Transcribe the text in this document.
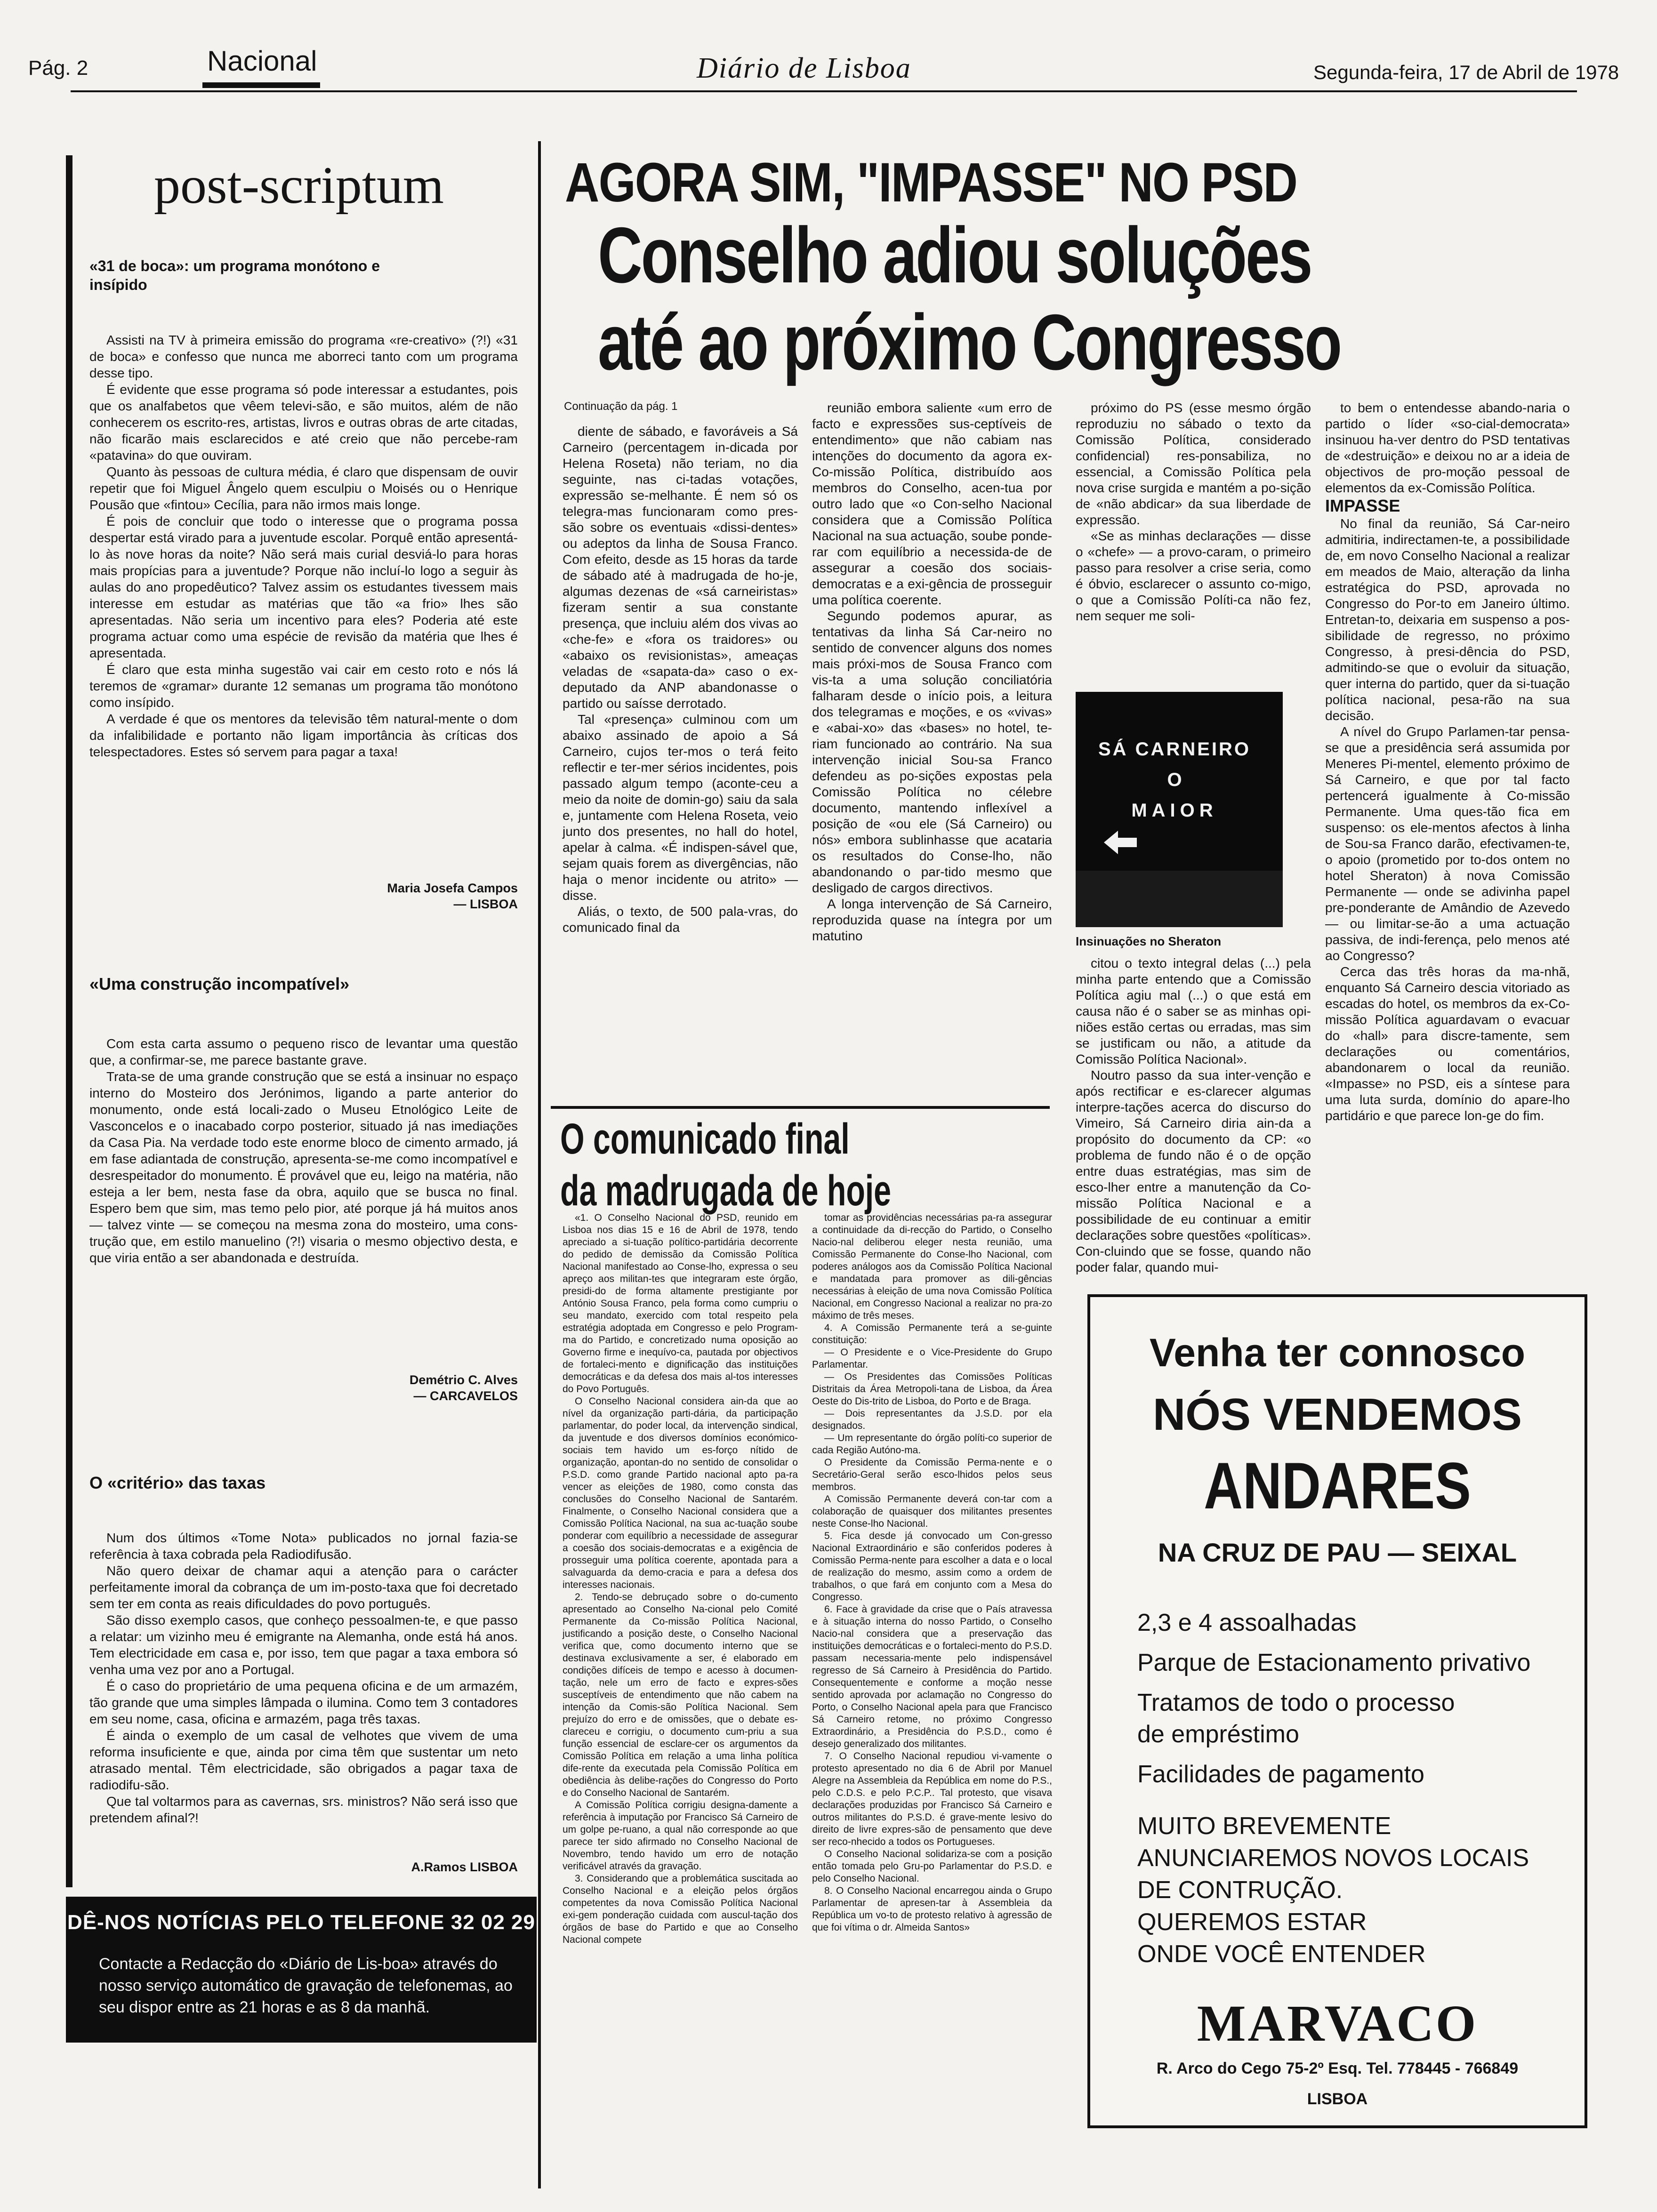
Pág. 2	Nacional	Diário de Lisboa	Segunda-feira, 17 de Abril de 1978
post-scriptum
«31 de boca»: um programa monótono e insípido

Assisti na TV à primeira emissão do programa «re-creativo» (?!) «31 de boca» e confesso que nunca me aborreci tanto com um programa desse tipo.

É evidente que esse programa só pode interessar a estudantes, pois que os analfabetos que vêem televi-são, e são muitos, além de não conhecerem os escrito-res, artistas, livros e outras obras de arte citadas, não ficarão mais esclarecidos e até creio que não percebe-ram «patavina» do que ouviram.

Quanto às pessoas de cultura média, é claro que dispensam de ouvir repetir que foi Miguel Ângelo quem esculpiu o Moisés ou o Henrique Pousão que «fintou» Cecília, para não irmos mais longe.

É pois de concluir que todo o interesse que o programa possa despertar está virado para a juventude escolar. Porquê então apresentá-lo às nove horas da noite? Não será mais curial desviá-lo para horas mais propícias para a juventude? Porque não incluí-lo logo a seguir às aulas do ano propedêutico? Talvez assim os estudantes tivessem mais interesse em estudar as matérias que tão «a frio» lhes são apresentadas. Não seria um incentivo para eles? Poderia até este programa actuar como uma espécie de revisão da matéria que lhes é apresentada.

É claro que esta minha sugestão vai cair em cesto roto e nós lá teremos de «gramar» durante 12 semanas um programa tão monótono como insípido.

A verdade é que os mentores da televisão têm natural-mente o dom da infalibilidade e portanto não ligam importância às críticas dos telespectadores. Estes só servem para pagar a taxa!

Maria Josefa Campos
— LISBOA
«Uma construção incompatível»

Com esta carta assumo o pequeno risco de levantar uma questão que, a confirmar-se, me parece bastante grave.

Trata-se de uma grande construção que se está a insinuar no espaço interno do Mosteiro dos Jerónimos, ligando a parte anterior do monumento, onde está locali-zado o Museu Etnológico Leite de Vasconcelos e o inacabado corpo posterior, situado já nas imediações da Casa Pia. Na verdade todo este enorme bloco de cimento armado, já em fase adiantada de construção, apresenta-se-me como incompatível e desrespeitador do monumento. É provável que eu, leigo na matéria, não esteja a ler bem, nesta fase da obra, aquilo que se busca no final. Espero bem que sim, mas temo pelo pior, até porque já há muitos anos — talvez vinte — se começou na mesma zona do mosteiro, uma cons-trução que, em estilo manuelino (?!) visaria o mesmo objectivo desta, e que viria então a ser abandonada e destruída.

Demétrio C. Alves
— CARCAVELOS
O «critério» das taxas

Num dos últimos «Tome Nota» publicados no jornal fazia-se referência à taxa cobrada pela Radiodifusão.

Não quero deixar de chamar aqui a atenção para o carácter perfeitamente imoral da cobrança de um im-posto-taxa que foi decretado sem ter em conta as reais dificuldades do povo português.

São disso exemplo casos, que conheço pessoalmen-te, e que passo a relatar: um vizinho meu é emigrante na Alemanha, onde está há anos. Tem electricidade em casa e, por isso, tem que pagar a taxa embora só venha uma vez por ano a Portugal.

É o caso do proprietário de uma pequena oficina e de um armazém, tão grande que uma simples lâmpada o ilumina. Como tem 3 contadores em seu nome, casa, oficina e armazém, paga três taxas.

É ainda o exemplo de um casal de velhotes que vivem de uma reforma insuficiente e que, ainda por cima têm que sustentar um neto atrasado mental. Têm electricidade, são obrigados a pagar taxa de radiodifu-são.

Que tal voltarmos para as cavernas, srs. ministros? Não será isso que pretendem afinal?!

A.Ramos LISBOA
DÊ-NOS NOTÍCIAS PELO TELEFONE 32 02 29
Contacte a Redacção do «Diário de Lis-boa» através do nosso serviço automático de gravação de telefonemas, ao seu dispor entre as 21 horas e as 8 da manhã.
AGORA SIM, "IMPASSE" NO PSD
Conselho adiou soluções
até ao próximo Congresso
Continuação da pág. 1

diente de sábado, e favoráveis a Sá Carneiro (percentagem in-dicada por Helena Roseta) não teriam, no dia seguinte, nas ci-tadas votações, expressão se-melhante. É nem só os telegra-mas funcionaram como pres-são sobre os eventuais «dissi-dentes» ou adeptos da linha de Sousa Franco. Com efeito, desde as 15 horas da tarde de sábado até à madrugada de ho-je, algumas dezenas de «sá carneiristas» fizeram sentir a sua constante presença, que incluiu além dos vivas ao «che-fe» e «fora os traidores» ou «abaixo os revisionistas», ameaças veladas de «sapata-da» caso o ex-deputado da ANP abandonasse o partido ou saísse derrotado.

Tal «presença» culminou com um abaixo assinado de apoio a Sá Carneiro, cujos ter-mos o terá feito reflectir e ter-mer sérios incidentes, pois passado algum tempo (aconte-ceu a meio da noite de domin-go) saiu da sala e, juntamente com Helena Roseta, veio junto dos presentes, no hall do hotel, apelar à calma. «É indispen-sável que, sejam quais forem as divergências, não haja o menor incidente ou atrito» — disse.

Aliás, o texto, de 500 pala-vras, do comunicado final da

reunião embora saliente «um erro de facto e expressões sus-ceptíveis de entendimento» que não cabiam nas intenções do documento da agora ex-Co-missão Política, distribuído aos membros do Conselho, acen-tua por outro lado que «o Con-selho Nacional considera que a Comissão Política Nacional na sua actuação, soube ponde-rar com equilíbrio a necessida-de de assegurar a coesão dos sociais-democratas e a exi-gência de prosseguir uma política coerente.

Segundo podemos apurar, as tentativas da linha Sá Car-neiro no sentido de convencer alguns dos nomes mais próxi-mos de Sousa Franco com vis-ta a uma solução conciliatória falharam desde o início pois, a leitura dos telegramas e moções, e os «vivas» e «abai-xo» das «bases» no hotel, te-riam funcionado ao contrário. Na sua intervenção inicial Sou-sa Franco defendeu as po-sições expostas pela Comissão Política no célebre documento, mantendo inflexível a posição de «ou ele (Sá Carneiro) ou nós» embora sublinhasse que acataria os resultados do Conse-lho, não abandonando o par-tido mesmo que desligado de cargos directivos.

A longa intervenção de Sá Carneiro, reproduzida quase na íntegra por um matutino

próximo do PS (esse mesmo órgão reproduziu no sábado o texto da Comissão Política, considerado confidencial) res-ponsabiliza, no essencial, a Comissão Política pela nova crise surgida e mantém a po-sição de «não abdicar» da sua liberdade de expressão.

«Se as minhas declarações — disse o «chefe» — a provo-caram, o primeiro passo para resolver a crise seria, como é óbvio, esclarecer o assunto co-migo, o que a Comissão Políti-ca não fez, nem sequer me soli-

SÁ CARNEIRO
O
MAIOR
Insinuações no Sheraton

citou o texto integral delas (...) pela minha parte entendo que a Comissão Política agiu mal (...) o que está em causa não é o saber se as minhas opi-niões estão certas ou erradas, mas sim se justificam ou não, a atitude da Comissão Política Nacional».

Noutro passo da sua inter-venção e após rectificar e es-clarecer algumas interpre-tações acerca do discurso do Vimeiro, Sá Carneiro diria ain-da a propósito do documento da CP: «o problema de fundo não é o de opção entre duas estratégias, mas sim de esco-lher entre a manutenção da Co-missão Política Nacional e a possibilidade de eu continuar a emitir declarações sobre questões «políticas». Con-cluindo que se fosse, quando não poder falar, quando mui-

to bem o entendesse abando-naria o partido o líder «so-cial-democrata» insinuou ha-ver dentro do PSD tentativas de «destruição» e deixou no ar a ideia de objectivos de pro-moção pessoal de elementos da ex-Comissão Política.

IMPASSE

No final da reunião, Sá Car-neiro admitiria, indirectamen-te, a possibilidade de, em novo Conselho Nacional a realizar em meados de Maio, alteração da linha estratégica do PSD, aprovada no Congresso do Por-to em Janeiro último. Entretan-to, deixaria em suspenso a pos-sibilidade de regresso, no próximo Congresso, à presi-dência do PSD, admitindo-se que o evoluir da situação, quer interna do partido, quer da si-tuação política nacional, pesa-rão na sua decisão.

A nível do Grupo Parlamen-tar pensa-se que a presidência será assumida por Meneres Pi-mentel, elemento próximo de Sá Carneiro, e que por tal facto pertencerá igualmente à Co-missão Permanente. Uma ques-tão fica em suspenso: os ele-mentos afectos à linha de Sou-sa Franco darão, efectivamen-te, o apoio (prometido por to-dos ontem no hotel Sheraton) à nova Comissão Permanente — onde se adivinha papel pre-ponderante de Amândio de Azevedo — ou limitar-se-ão a uma actuação passiva, de indi-ferença, pelo menos até ao Congresso?

Cerca das três horas da ma-nhã, enquanto Sá Carneiro descia vitoriado as escadas do hotel, os membros da ex-Co-missão Política aguardavam o evacuar do «hall» para discre-tamente, sem declarações ou comentários, abandonarem o local da reunião. «Impasse» no PSD, eis a síntese para uma luta surda, domínio do apare-lho partidário e que parece lon-ge do fim.

O comunicado final
da madrugada de hoje

«1. O Conselho Nacional do PSD, reunido em Lisboa nos dias 15 e 16 de Abril de 1978, tendo apreciado a si-tuação político-partidária decorrente do pedido de demissão da Comissão Política Nacional manifestado ao Conse-lho, expressa o seu apreço aos militan-tes que integraram este órgão, presidi-do de forma altamente prestigiante por António Sousa Franco, pela forma como cumpriu o seu mandato, exercido com total respeito pela estratégia adoptada em Congresso e pelo Program-ma do Partido, e concretizado numa oposição ao Governo firme e inequívo-ca, pautada por objectivos de fortaleci-mento e dignificação das instituições democráticas e da defesa dos mais al-tos interesses do Povo Português.

O Conselho Nacional considera ain-da que ao nível da organização parti-dária, da participação parlamentar, do poder local, da intervenção sindical, da juventude e dos diversos domínios económico-sociais tem havido um es-forço nítido de organização, apontan-do no sentido de consolidar o P.S.D. como grande Partido nacional apto pa-ra vencer as eleições de 1980, como consta das conclusões do Conselho Nacional de Santarém. Finalmente, o Conselho Nacional considera que a Comissão Política Nacional, na sua ac-tuação soube ponderar com equilíbrio a necessidade de assegurar a coesão dos sociais-democratas e a exigência de prosseguir uma política coerente, apontada para a salvaguarda da demo-cracia e para a defesa dos interesses nacionais.

2. Tendo-se debruçado sobre o do-cumento apresentado ao Conselho Na-cional pelo Comité Permanente da Co-missão Política Nacional, justificando a posição deste, o Conselho Nacional verifica que, como documento interno que se destinava exclusivamente a ser, é elaborado em condições difíceis de tempo e acesso à documen-tação, nele um erro de facto e expres-sões susceptíveis de entendimento que não cabem na intenção da Comis-são Política Nacional. Sem prejuízo do erro e de omissões, que o debate es-clareceu e corrigiu, o documento cum-priu a sua função essencial de esclare-cer os argumentos da Comissão Política em relação a uma linha política dife-rente da executada pela Comissão Política em obediência às delibe-rações do Congresso do Porto e do Conselho Nacional de Santarém.

A Comissão Política corrigiu designa-damente a referência à imputação por Francisco Sá Carneiro de um golpe pe-ruano, a qual não corresponde ao que parece ter sido afirmado no Conselho Nacional de Novembro, tendo havido um erro de notação verificável através da gravação.

3. Considerando que a problemática suscitada ao Conselho Nacional e a eleição pelos órgãos competentes da nova Comissão Política Nacional exi-gem ponderação cuidada com auscul-tação dos órgãos de base do Partido e que ao Conselho Nacional compete

tomar as providências necessárias pa-ra assegurar a continuidade da di-recção do Partido, o Conselho Nacio-nal deliberou eleger nesta reunião, uma Comissão Permanente do Conse-lho Nacional, com poderes análogos aos da Comissão Política Nacional e mandatada para promover as dili-gências necessárias à eleição de uma nova Comissão Política Nacional, em Congresso Nacional a realizar no pra-zo máximo de três meses.

4. A Comissão Permanente terá a se-guinte constituição:

— O Presidente e o Vice-Presidente do Grupo Parlamentar.

— Os Presidentes das Comissões Políticas Distritais da Área Metropoli-tana de Lisboa, da Área Oeste do Dis-trito de Lisboa, do Porto e de Braga.

— Dois representantes da J.S.D. por ela designados.

— Um representante do órgão políti-co superior de cada Região Autóno-ma.

O Presidente da Comissão Perma-nente e o Secretário-Geral serão esco-lhidos pelos seus membros.

A Comissão Permanente deverá con-tar com a colaboração de quaisquer dos militantes presentes neste Conse-lho Nacional.

5. Fica desde já convocado um Con-gresso Nacional Extraordinário e são conferidos poderes à Comissão Perma-nente para escolher a data e o local de realização do mesmo, assim como a ordem de trabalhos, o que fará em conjunto com a Mesa do Congresso.

6. Face à gravidade da crise que o País atravessa e à situação interna do nosso Partido, o Conselho Nacio-nal considera que a preservação das instituições democráticas e o fortaleci-mento do P.S.D. passam necessaria-mente pelo indispensável regresso de Sá Carneiro à Presidência do Partido. Consequentemente e conforme a moção nesse sentido aprovada por aclamação no Congresso do Porto, o Conselho Nacional apela para que Francisco Sá Carneiro retome, no próximo Congresso Extraordinário, a Presidência do P.S.D., como é desejo generalizado dos militantes.

7. O Conselho Nacional repudiou vi-vamente o protesto apresentado no dia 6 de Abril por Manuel Alegre na Assembleia da República em nome do P.S., pelo C.D.S. e pelo P.C.P.. Tal protesto, que visava declarações produzidas por Francisco Sá Carneiro e outros militantes do P.S.D. é grave-mente lesivo do direito de livre expres-são de pensamento que deve ser reco-nhecido a todos os Portugueses.

O Conselho Nacional solidariza-se com a posição então tomada pelo Gru-po Parlamentar do P.S.D. e pelo Conselho Nacional.

8. O Conselho Nacional encarregou ainda o Grupo Parlamentar de apresen-tar à Assembleia da República um vo-to de protesto relativo à agressão de que foi vítima o dr. Almeida Santos»

Venha ter connosco
NÓS VENDEMOS
ANDARES
NA CRUZ DE PAU — SEIXAL
2,3 e 4 assoalhadas
Parque de Estacionamento privativo
Tratamos de todo o processo
de empréstimo
Facilidades de pagamento
MUITO BREVEMENTE
ANUNCIAREMOS NOVOS LOCAIS
DE CONTRUÇÃO.
QUEREMOS ESTAR
ONDE VOCÊ ENTENDER
MARVACO
R. Arco do Cego 75-2º Esq. Tel. 778445 - 766849
LISBOA
